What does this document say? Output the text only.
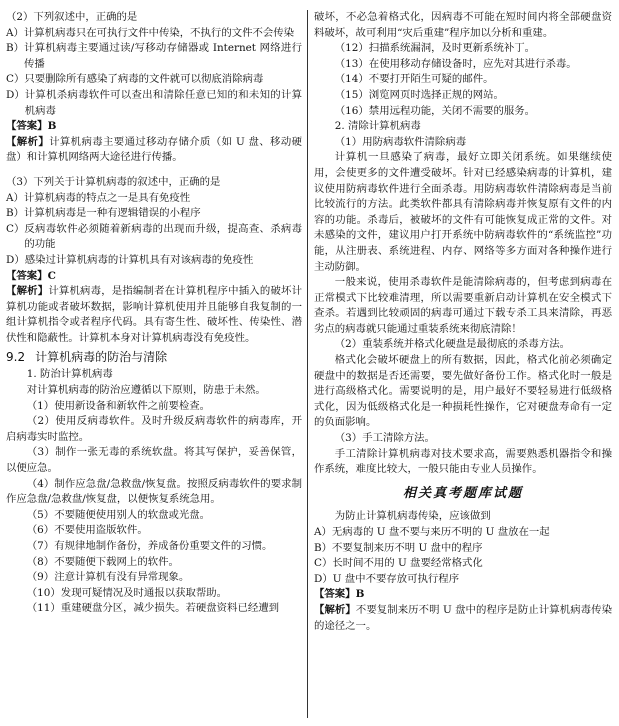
（2）下列叙述中，正确的是

A） 计算机病毒只在可执行文件中传染，不执行的文件不会传染
B） 计算机病毒主要通过读/写移动存储器或 Internet 网络进行传播
C） 只要删除所有感染了病毒的文件就可以彻底消除病毒
D） 计算机杀病毒软件可以查出和清除任意已知的和未知的计算机病毒

【答案】B

【解析】计算机病毒主要通过移动存储介质（如 U 盘、移动硬盘）和计算机网络两大途径进行传播。

（3）下列关于计算机病毒的叙述中，正确的是

A） 计算机病毒的特点之一是具有免疫性
B） 计算机病毒是一种有逻辑错误的小程序
C） 反病毒软件必须随着新病毒的出现而升级，提高查、杀病毒的功能
D） 感染过计算机病毒的计算机具有对该病毒的免疫性

【答案】C

【解析】计算机病毒，是指编制者在计算机程序中插入的破坏计算机功能或者破坏数据，影响计算机使用并且能够自我复制的一组计算机指令或者程序代码。具有寄生性、破坏性、传染性、潜伏性和隐蔽性。计算机本身对计算机病毒没有免疫性。

9.2 计算机病毒的防治与清除

1. 防治计算机病毒

对计算机病毒的防治应遵循以下原则，防患于未然。

（1）使用新设备和新软件之前要检查。

（2）使用反病毒软件。及时升级反病毒软件的病毒库，开启病毒实时监控。

（3）制作一张无毒的系统软盘。将其写保护，妥善保管，以便应急。

（4）制作应急盘/急救盘/恢复盘。按照反病毒软件的要求制作应急盘/急救盘/恢复盘，以便恢复系统急用。

（5）不要随便使用别人的软盘或光盘。

（6）不要使用盗版软件。

（7）有规律地制作备份，养成备份重要文件的习惯。

（8）不要随便下载网上的软件。

（9）注意计算机有没有异常现象。

（10）发现可疑情况及时通报以获取帮助。

（11）重建硬盘分区，减少损失。若硬盘资料已经遭到

破坏，不必急着格式化，因病毒不可能在短时间内将全部硬盘资料破坏，故可利用“灾后重建”程序加以分析和重建。

（12）扫描系统漏洞，及时更新系统补丁。

（13）在使用移动存储设备时，应先对其进行杀毒。

（14）不要打开陌生可疑的邮件。

（15）浏览网页时选择正规的网站。

（16）禁用远程功能，关闭不需要的服务。

2. 清除计算机病毒

（1）用防病毒软件清除病毒

计算机一旦感染了病毒，最好立即关闭系统。如果继续使用，会使更多的文件遭受破坏。针对已经感染病毒的计算机，建议使用防病毒软件进行全面杀毒。用防病毒软件清除病毒是当前比较流行的方法。此类软件都具有清除病毒并恢复原有文件的内容的功能。杀毒后，被破坏的文件有可能恢复成正常的文件。对未感染的文件，建议用户打开系统中防病毒软件的“系统监控”功能，从注册表、系统进程、内存、网络等多方面对各种操作进行主动防御。

一般来说，使用杀毒软件是能清除病毒的，但考虑到病毒在正常模式下比较难清理，所以需要重新启动计算机在安全模式下查杀。若遇到比较顽固的病毒可通过下载专杀工具来清除，再恶劣点的病毒就只能通过重装系统来彻底清除！

（2）重装系统并格式化硬盘是最彻底的杀毒方法。

格式化会破坏硬盘上的所有数据，因此，格式化前必须确定硬盘中的数据是否还需要，要先做好备份工作。格式化时一般是进行高级格式化。需要说明的是，用户最好不要轻易进行低级格式化，因为低级格式化是一种损耗性操作，它对硬盘寿命有一定的负面影响。

（3）手工清除方法。

手工清除计算机病毒对技术要求高，需要熟悉机器指令和操作系统，难度比较大，一般只能由专业人员操作。

相关真考题库试题

为防止计算机病毒传染，应该做到

A） 无病毒的 U 盘不要与来历不明的 U 盘放在一起
B） 不要复制来历不明 U 盘中的程序
C） 长时间不用的 U 盘要经常格式化
D） U 盘中不要存放可执行程序

【答案】B

【解析】不要复制来历不明 U 盘中的程序是防止计算机病毒传染的途径之一。
